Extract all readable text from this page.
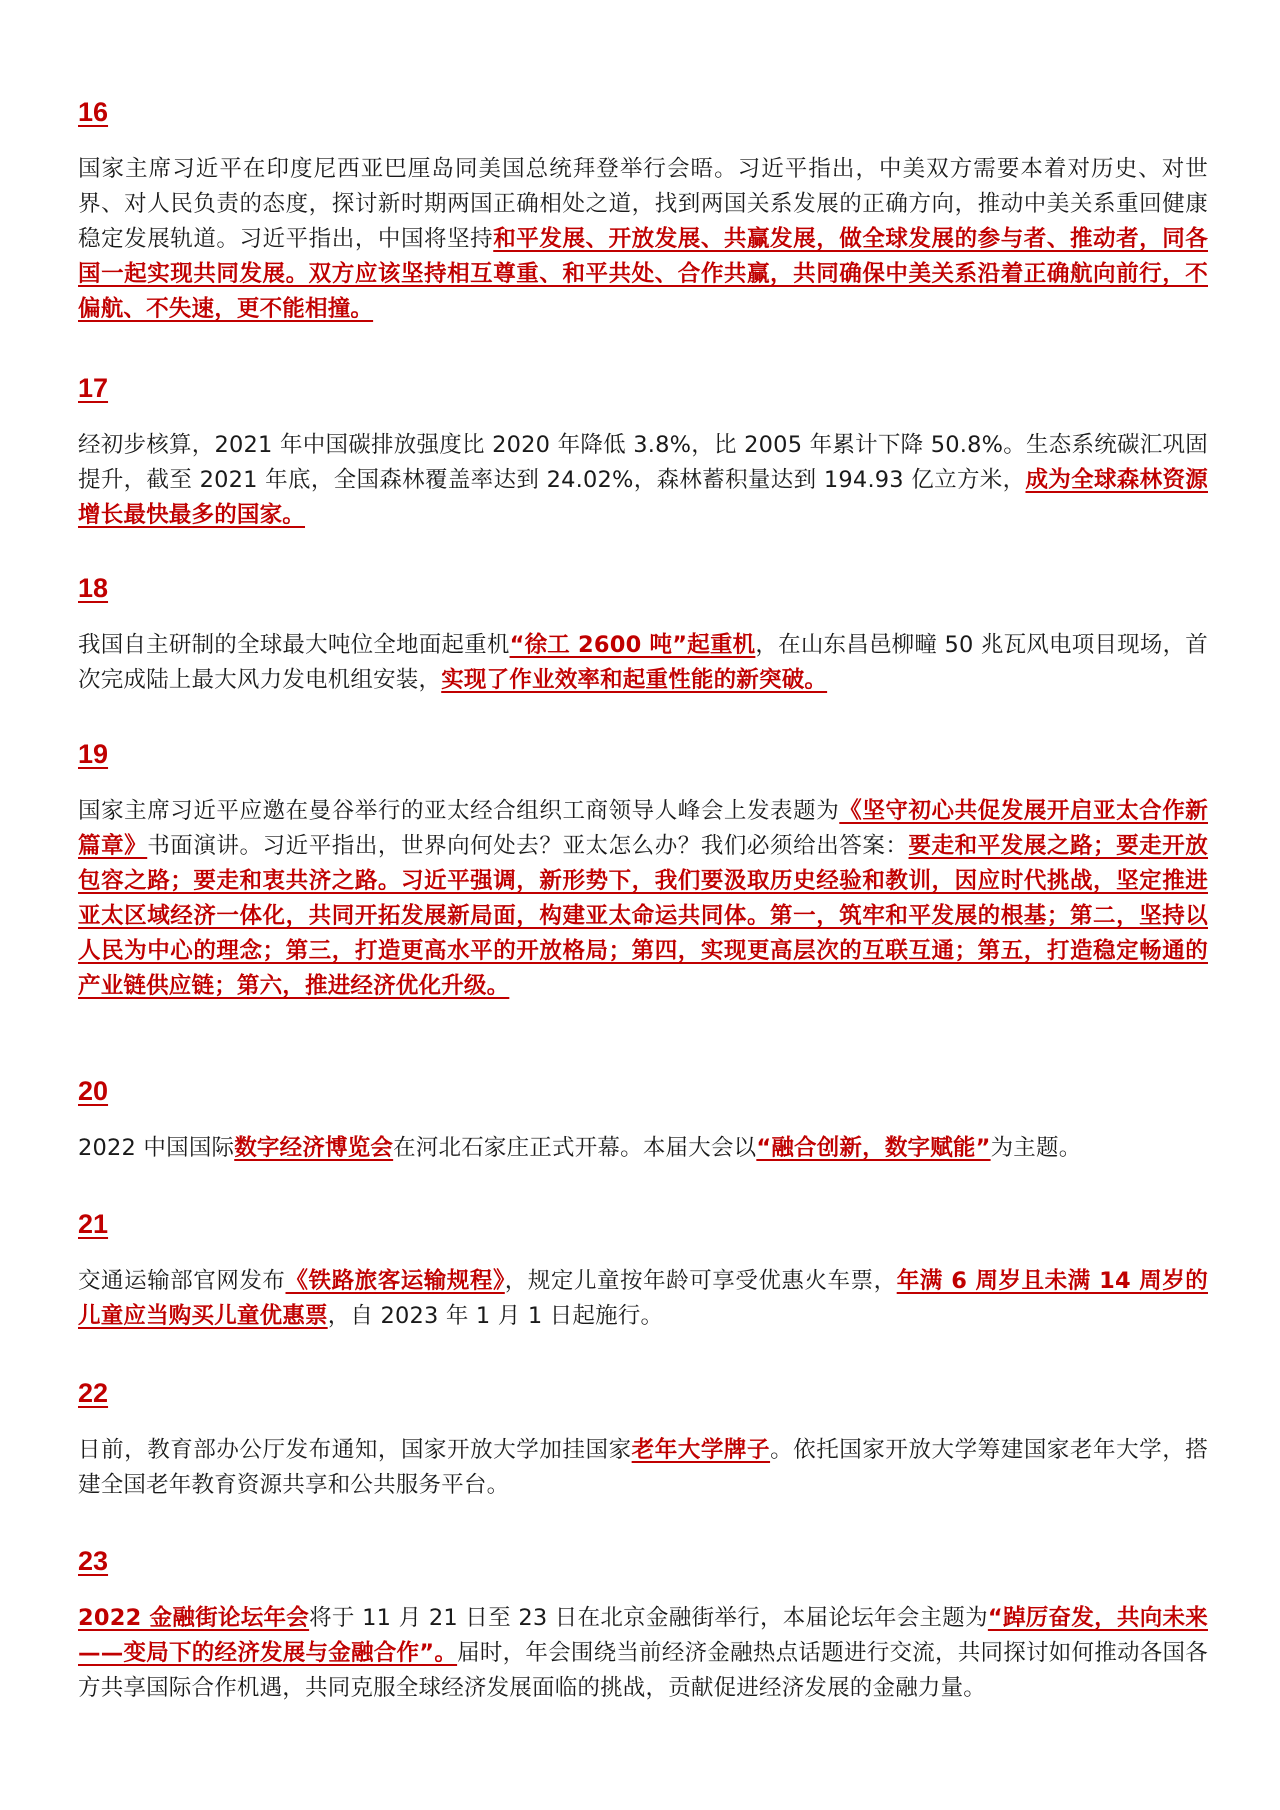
16

国家主席习近平在印度尼西亚巴厘岛同美国总统拜登举行会晤。习近平指出，中美双方需要本着对历史、对世界、对人民负责的态度，探讨新时期两国正确相处之道，找到两国关系发展的正确方向，推动中美关系重回健康稳定发展轨道。习近平指出，中国将坚持和平发展、开放发展、共赢发展，做全球发展的参与者、推动者，同各国一起实现共同发展。双方应该坚持相互尊重、和平共处、合作共赢，共同确保中美关系沿着正确航向前行，不偏航、不失速，更不能相撞。

17

经初步核算，2021 年中国碳排放强度比 2020 年降低 3.8%，比 2005 年累计下降 50.8%。生态系统碳汇巩固提升，截至 2021 年底，全国森林覆盖率达到 24.02%，森林蓄积量达到 194.93 亿立方米，成为全球森林资源增长最快最多的国家。

18

我国自主研制的全球最大吨位全地面起重机“徐工 2600 吨”起重机，在山东昌邑柳疃 50 兆瓦风电项目现场，首次完成陆上最大风力发电机组安装，实现了作业效率和起重性能的新突破。

19

国家主席习近平应邀在曼谷举行的亚太经合组织工商领导人峰会上发表题为《坚守初心共促发展开启亚太合作新篇章》书面演讲。习近平指出，世界向何处去？亚太怎么办？我们必须给出答案：要走和平发展之路；要走开放包容之路；要走和衷共济之路。习近平强调，新形势下，我们要汲取历史经验和教训，因应时代挑战，坚定推进亚太区域经济一体化，共同开拓发展新局面，构建亚太命运共同体。第一，筑牢和平发展的根基；第二，坚持以人民为中心的理念；第三，打造更高水平的开放格局；第四，实现更高层次的互联互通；第五，打造稳定畅通的产业链供应链；第六，推进经济优化升级。

20

2022 中国国际数字经济博览会在河北石家庄正式开幕。本届大会以“融合创新，数字赋能”为主题。

21

交通运输部官网发布《铁路旅客运输规程》，规定儿童按年龄可享受优惠火车票，年满 6 周岁且未满 14 周岁的儿童应当购买儿童优惠票，自 2023 年 1 月 1 日起施行。

22

日前，教育部办公厅发布通知，国家开放大学加挂国家老年大学牌子。依托国家开放大学筹建国家老年大学，搭建全国老年教育资源共享和公共服务平台。

23

2022 金融街论坛年会将于 11 月 21 日至 23 日在北京金融街举行，本届论坛年会主题为“踔厉奋发，共向未来——变局下的经济发展与金融合作”。届时，年会围绕当前经济金融热点话题进行交流，共同探讨如何推动各国各方共享国际合作机遇，共同克服全球经济发展面临的挑战，贡献促进经济发展的金融力量。
